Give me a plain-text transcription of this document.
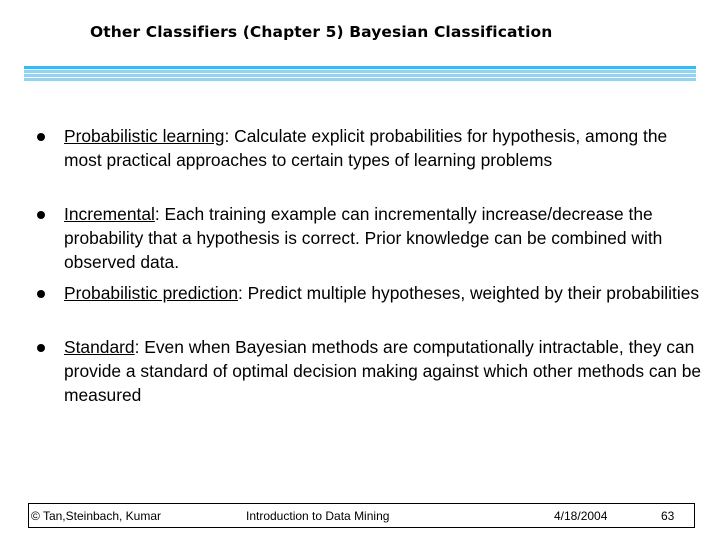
Other Classifiers (Chapter 5) Bayesian Classification
Probabilistic learning: Calculate explicit probabilities for hypothesis, among the most practical approaches to certain types of learning problems
Incremental: Each training example can incrementally increase/decrease the probability that a hypothesis is correct. Prior knowledge can be combined with observed data.
Probabilistic prediction: Predict multiple hypotheses, weighted by their probabilities
Standard: Even when Bayesian methods are computationally intractable, they can provide a standard of optimal decision making against which other methods can be measured
© Tan,Steinbach, Kumar	Introduction to Data Mining	4/18/2004	63
